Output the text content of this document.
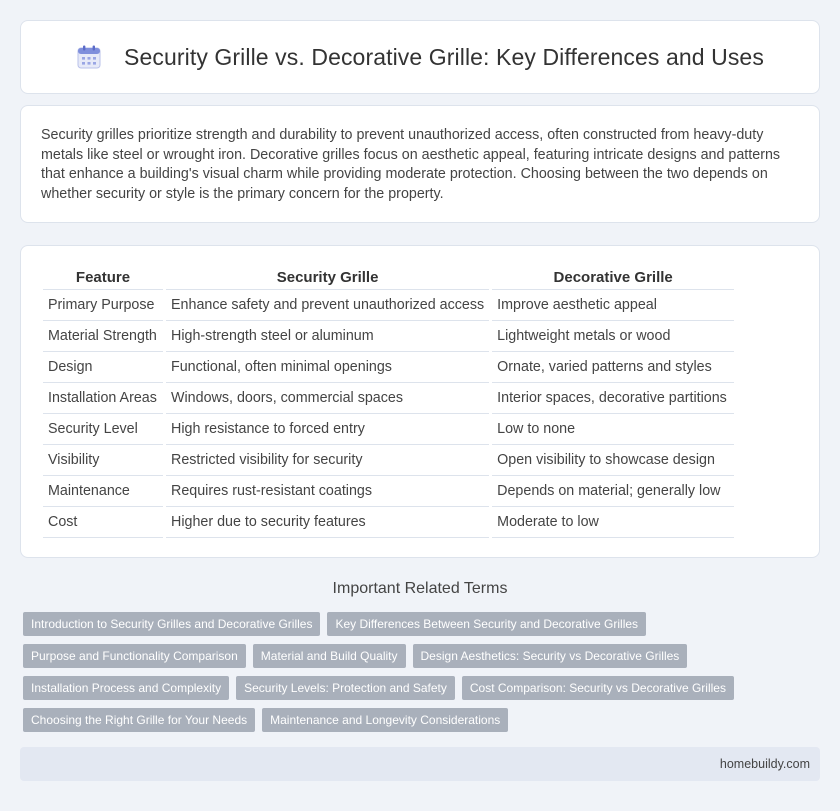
Security Grille vs. Decorative Grille: Key Differences and Uses

Security grilles prioritize strength and durability to prevent unauthorized access, often constructed from heavy-duty metals like steel or wrought iron. Decorative grilles focus on aesthetic appeal, featuring intricate designs and patterns that enhance a building's visual charm while providing moderate protection. Choosing between the two depends on whether security or style is the primary concern for the property.

Feature	Security Grille	Decorative Grille
Primary Purpose	Enhance safety and prevent unauthorized access	Improve aesthetic appeal
Material Strength	High-strength steel or aluminum	Lightweight metals or wood
Design	Functional, often minimal openings	Ornate, varied patterns and styles
Installation Areas	Windows, doors, commercial spaces	Interior spaces, decorative partitions
Security Level	High resistance to forced entry	Low to none
Visibility	Restricted visibility for security	Open visibility to showcase design
Maintenance	Requires rust-resistant coatings	Depends on material; generally low
Cost	Higher due to security features	Moderate to low
Important Related Terms
Introduction to Security Grilles and Decorative Grilles	Key Differences Between Security and Decorative Grilles
Purpose and Functionality Comparison	Material and Build Quality	Design Aesthetics: Security vs Decorative Grilles
Installation Process and Complexity	Security Levels: Protection and Safety	Cost Comparison: Security vs Decorative Grilles
Choosing the Right Grille for Your Needs	Maintenance and Longevity Considerations
homebuildy.com
